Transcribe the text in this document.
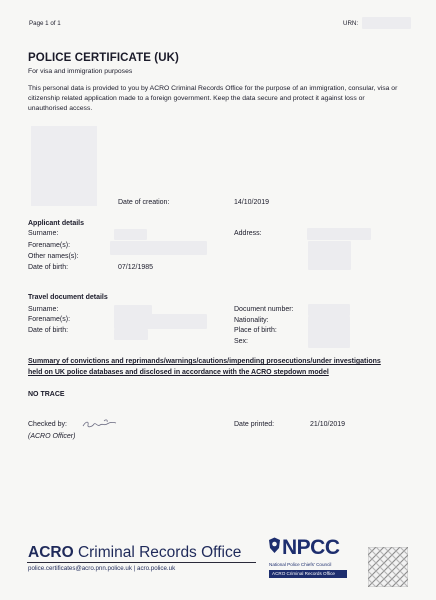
Page 1 of 1	URN:
POLICE CERTIFICATE (UK)
For visa and immigration purposes
This personal data is provided to you by ACRO Criminal Records Office for the purpose of an immigration, consular, visa or citizenship related application made to a foreign government. Keep the data secure and protect it against loss or unauthorised access.
Date of creation:	14/10/2019
Applicant details
Surname:
Forename(s):
Other names(s):
Date of birth:	07/12/1985
Address:
Travel document details
Surname:
Forename(s):
Date of birth:
Document number:
Nationality:
Place of birth:
Sex:
Summary of convictions and reprimands/warnings/cautions/impending prosecutions/under investigations
held on UK police databases and disclosed in accordance with the ACRO stepdown model
NO TRACE
Checked by:
(ACRO Officer)
Date printed:	21/10/2019
ACRO Criminal Records Office
police.certificates@acro.pnn.police.uk | acro.police.uk
NPCC
National Police Chiefs' Council
ACRO Criminal Records Office
